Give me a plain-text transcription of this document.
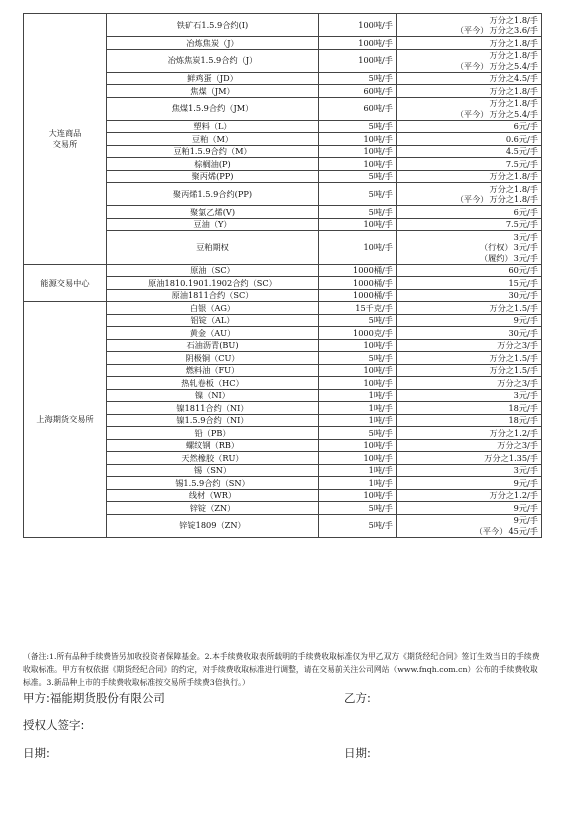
大连商品
交易所	铁矿石1.5.9合约(I)	100吨/手	万分之1.8/手
（平今）万分之3.6/手

	冶炼焦炭（J）	100吨/手	万分之1.8/手

	冶炼焦炭1.5.9合约（J）	100吨/手	万分之1.8/手
（平今）万分之5.4/手

	鲜鸡蛋（JD）	5吨/手	万分之4.5/手

	焦煤（JM）	60吨/手	万分之1.8/手

	焦煤1.5.9合约（JM）	60吨/手	万分之1.8/手
（平今）万分之5.4/手

	塑料（L）	5吨/手	6元/手

	豆粕（M）	10吨/手	0.6元/手

	豆粕1.5.9合约（M）	10吨/手	4.5元/手

	棕榈油(P)	10吨/手	7.5元/手

	聚丙烯(PP)	5吨/手	万分之1.8/手

	聚丙烯1.5.9合约(PP)	5吨/手	万分之1.8/手
（平今）万分之1.8/手

	聚氯乙烯(V)	5吨/手	6元/手

	豆油（Y）	10吨/手	7.5元/手

	豆粕期权	10吨/手	3元/手
（行权）3元/手
（履约）3元/手

能源交易中心	原油（SC）	1000桶/手	60元/手

	原油1810.1901.1902合约（SC）	1000桶/手	15元/手

	原油1811合约（SC）	1000桶/手	30元/手

上海期货交易所	白银（AG）	15千克/手	万分之1.5/手

	铝锭（AL）	5吨/手	9元/手

	黄金（AU）	1000克/手	30元/手

	石油沥青(BU)	10吨/手	万分之3/手

	阴极铜（CU）	5吨/手	万分之1.5/手

	燃料油（FU）	10吨/手	万分之1.5/手

	热轧卷板（HC）	10吨/手	万分之3/手

	镍（NI）	1吨/手	3元/手

	镍1811合约（NI）	1吨/手	18元/手

	镍1.5.9合约（NI）	1吨/手	18元/手

	铅（PB）	5吨/手	万分之1.2/手

	螺纹钢（RB）	10吨/手	万分之3/手

	天然橡胶（RU）	10吨/手	万分之1.35/手

	锡（SN）	1吨/手	3元/手

	锡1.5.9合约（SN）	1吨/手	9元/手

	线材（WR）	10吨/手	万分之1.2/手

	锌锭（ZN）	5吨/手	9元/手

	锌锭1809（ZN）	5吨/手	9元/手
（平今）45元/手

（备注:1.所有品种手续费皆另加收投资者保障基金。2.本手续费收取表所载明的手续费收取标准仅为甲乙双方《期货经纪合同》签订生效当日的手续费收取标准。甲方有权依据《期货经纪合同》的约定，对手续费收取标准进行调整，请在交易前关注公司网站（www.fnqh.com.cn）公布的手续费收取标准。3.新品种上市的手续费收取标准按交易所手续费3倍执行。）

甲方:福能期货股份有限公司	乙方:
授权人签字:
日期:	日期:
